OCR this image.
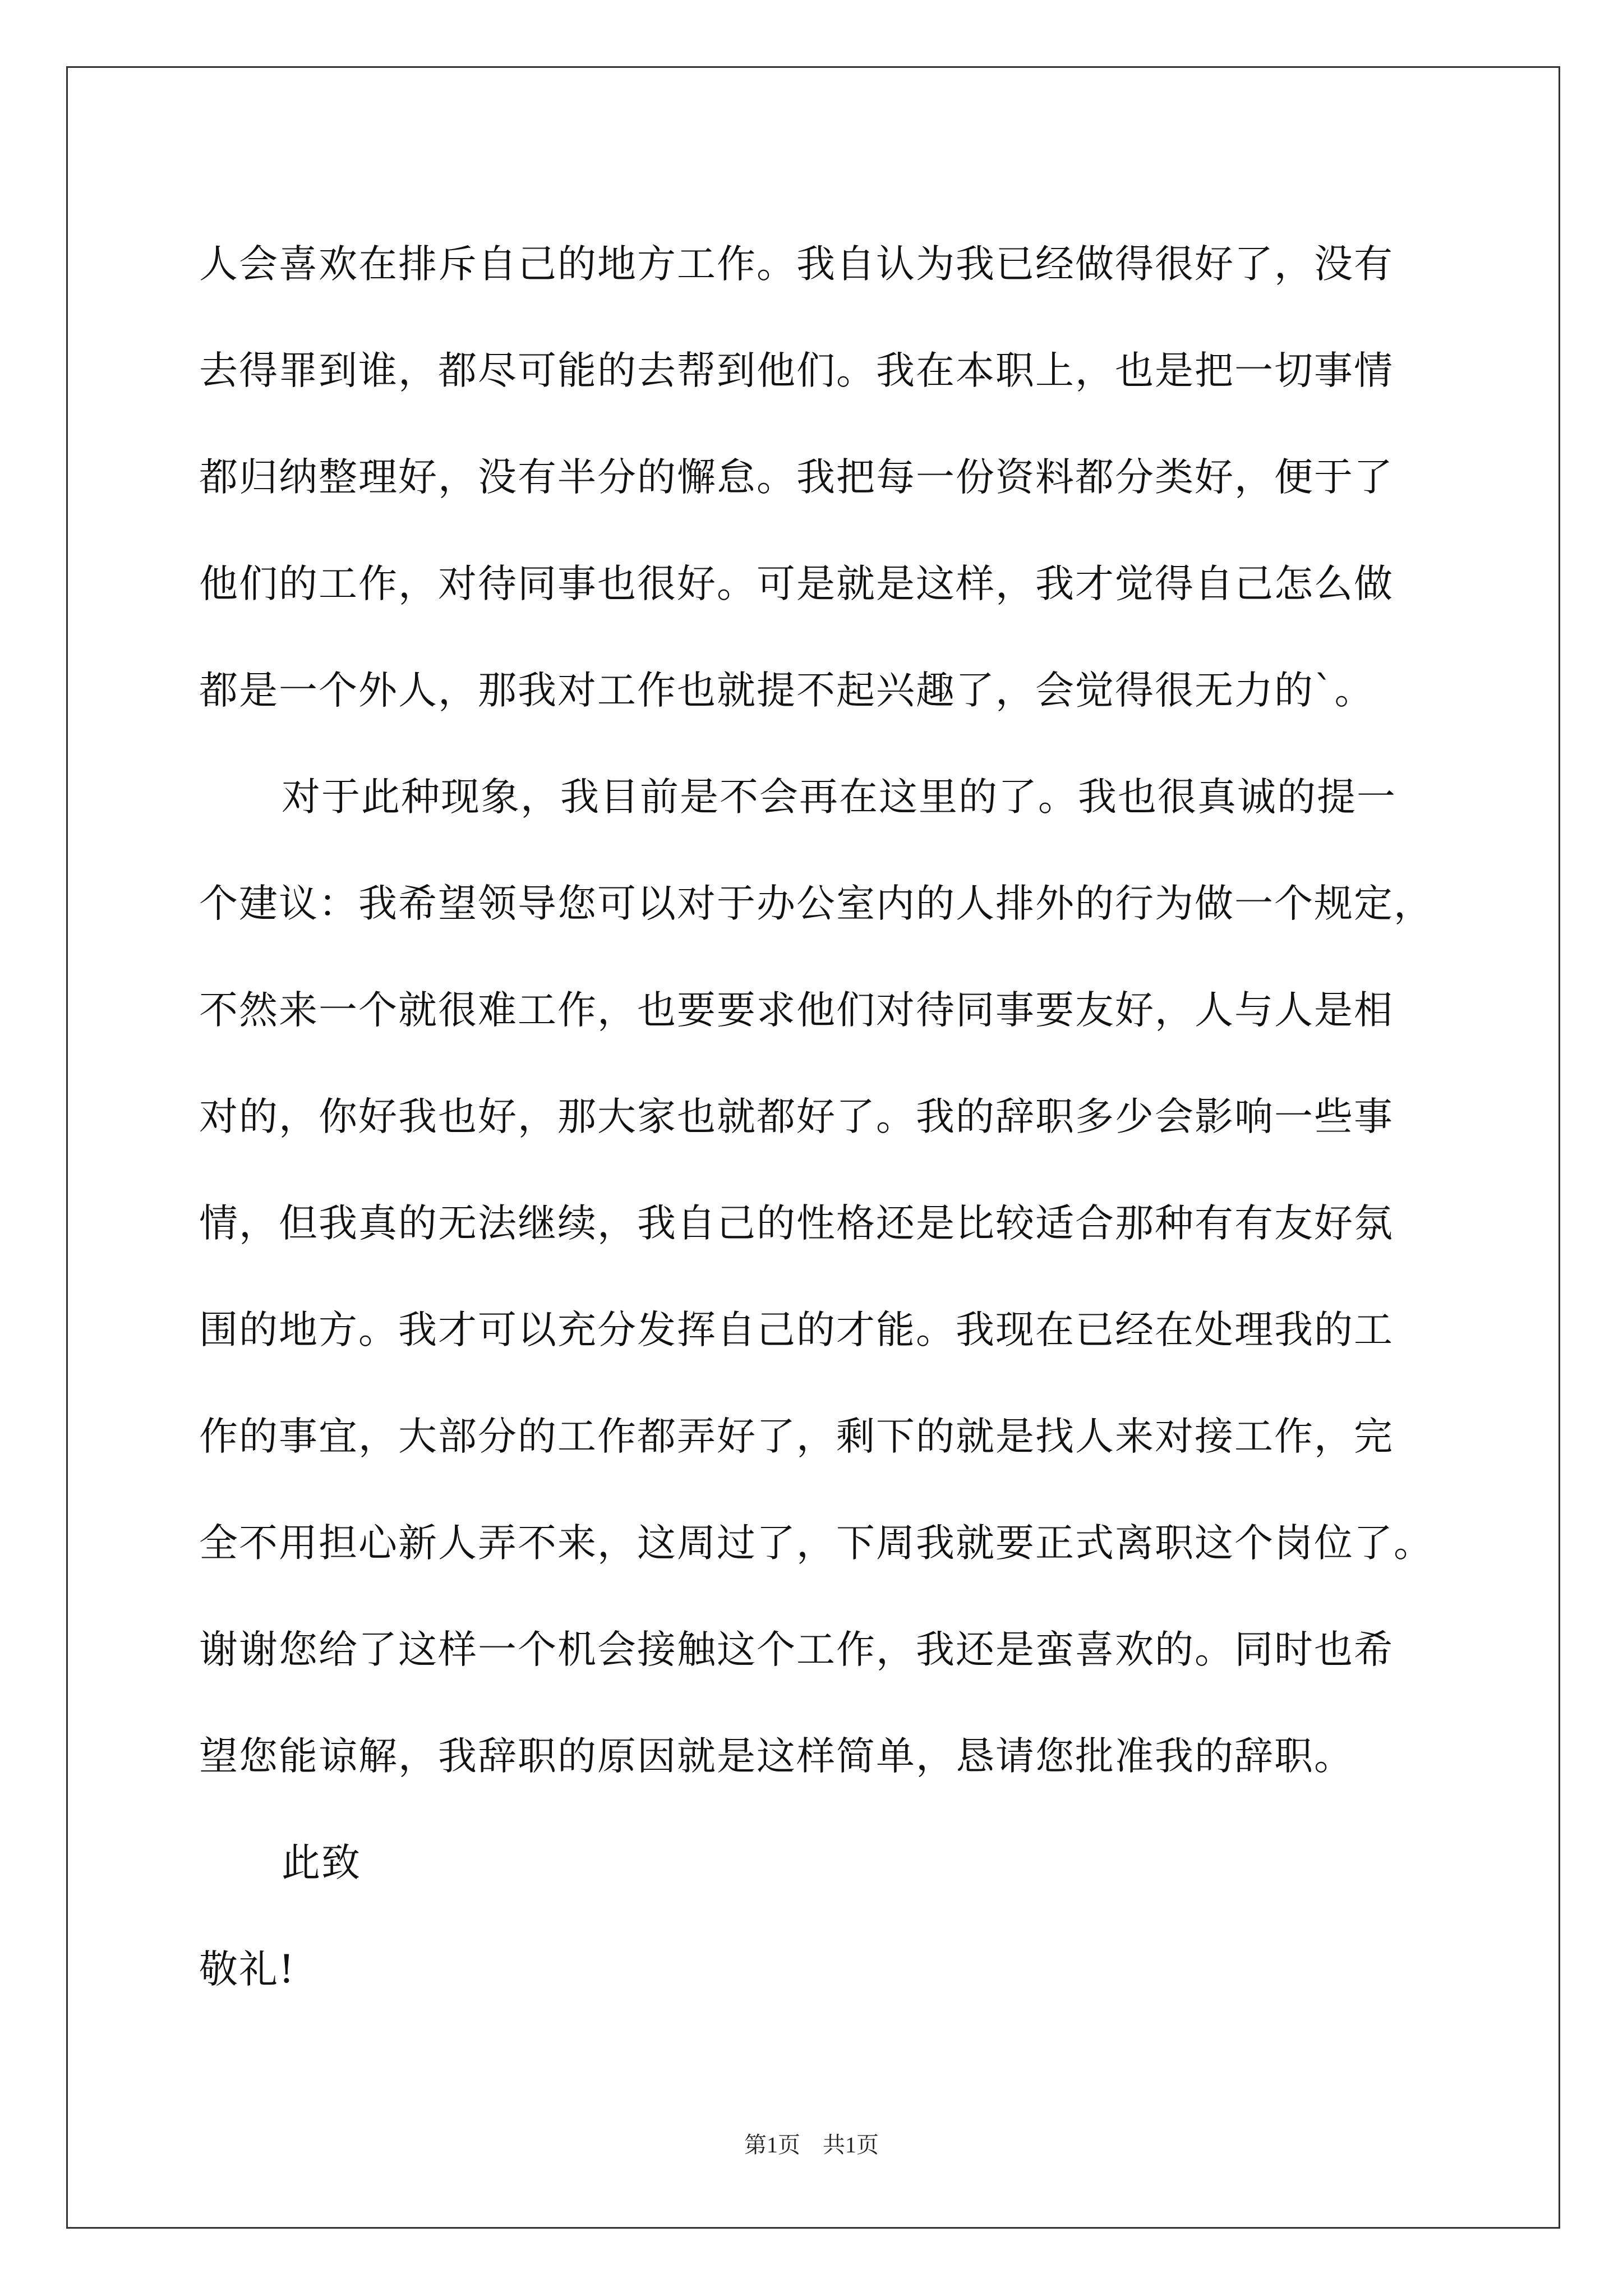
人会喜欢在排斥自己的地方工作。我自认为我已经做得很好了，没有
去得罪到谁，都尽可能的去帮到他们。我在本职上，也是把一切事情
都归纳整理好，没有半分的懈怠。我把每一份资料都分类好，便于了
他们的工作，对待同事也很好。可是就是这样，我才觉得自己怎么做
都是一个外人，那我对工作也就提不起兴趣了，会觉得很无力的`。
对于此种现象，我目前是不会再在这里的了。我也很真诚的提一
个建议：我希望领导您可以对于办公室内的人排外的行为做一个规定，
不然来一个就很难工作，也要要求他们对待同事要友好，人与人是相
对的，你好我也好，那大家也就都好了。我的辞职多少会影响一些事
情，但我真的无法继续，我自己的性格还是比较适合那种有有友好氛
围的地方。我才可以充分发挥自己的才能。我现在已经在处理我的工
作的事宜，大部分的工作都弄好了，剩下的就是找人来对接工作，完
全不用担心新人弄不来，这周过了，下周我就要正式离职这个岗位了。
谢谢您给了这样一个机会接触这个工作，我还是蛮喜欢的。同时也希
望您能谅解，我辞职的原因就是这样简单，恳请您批准我的辞职。
此致
敬礼!
第1页　共1页
